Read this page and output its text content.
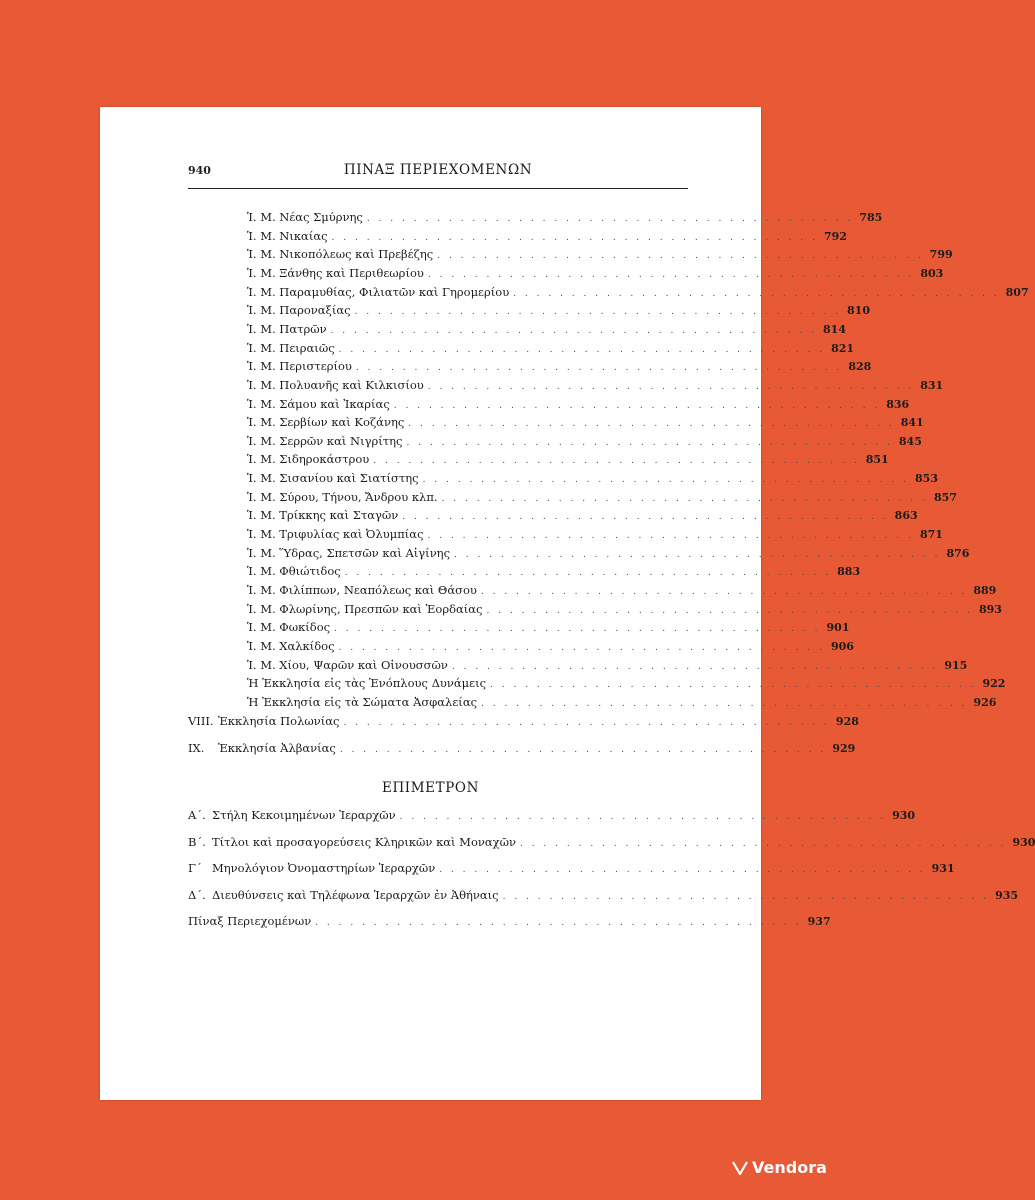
940	ΠΙΝΑΞ ΠΕΡΙΕΧΟΜΕΝΩΝ
Ἱ. Μ. Νέας Σμύρνης . . . . . . . . . . . . . . . . . . . . . . . . . . . . . . . . . . . . . . . . . . 785
Ἱ. Μ. Νικαίας . . . . . . . . . . . . . . . . . . . . . . . . . . . . . . . . . . . . . . . . . . 792
Ἱ. Μ. Νικοπόλεως καὶ Πρεβέζης . . . . . . . . . . . . . . . . . . . . . . . . . . . . . . . . . . . . . . . . . . 799
Ἱ. Μ. Ξάνθης καὶ Περιθεωρίου . . . . . . . . . . . . . . . . . . . . . . . . . . . . . . . . . . . . . . . . . . 803
Ἱ. Μ. Παραμυθίας, Φιλιατῶν καὶ Γηρομερίου . . . . . . . . . . . . . . . . . . . . . . . . . . . . . . . . . . . . . . . . . . 807
Ἱ. Μ. Παροναξίας . . . . . . . . . . . . . . . . . . . . . . . . . . . . . . . . . . . . . . . . . . 810
Ἱ. Μ. Πατρῶν . . . . . . . . . . . . . . . . . . . . . . . . . . . . . . . . . . . . . . . . . . 814
Ἱ. Μ. Πειραιῶς . . . . . . . . . . . . . . . . . . . . . . . . . . . . . . . . . . . . . . . . . . 821
Ἱ. Μ. Περιστερίου . . . . . . . . . . . . . . . . . . . . . . . . . . . . . . . . . . . . . . . . . . 828
Ἱ. Μ. Πολυανῆς καὶ Κιλκισίου . . . . . . . . . . . . . . . . . . . . . . . . . . . . . . . . . . . . . . . . . . 831
Ἱ. Μ. Σάμου καὶ Ἰκαρίας . . . . . . . . . . . . . . . . . . . . . . . . . . . . . . . . . . . . . . . . . . 836
Ἱ. Μ. Σερβίων καὶ Κοζάνης . . . . . . . . . . . . . . . . . . . . . . . . . . . . . . . . . . . . . . . . . . 841
Ἱ. Μ. Σερρῶν καὶ Νιγρίτης . . . . . . . . . . . . . . . . . . . . . . . . . . . . . . . . . . . . . . . . . . 845
Ἱ. Μ. Σιδηροκάστρου . . . . . . . . . . . . . . . . . . . . . . . . . . . . . . . . . . . . . . . . . . 851
Ἱ. Μ. Σισανίου καὶ Σιατίστης . . . . . . . . . . . . . . . . . . . . . . . . . . . . . . . . . . . . . . . . . . 853
Ἱ. Μ. Σύρου, Τήνου, Ἄνδρου κλπ. . . . . . . . . . . . . . . . . . . . . . . . . . . . . . . . . . . . . . . . . . . 857
Ἱ. Μ. Τρίκκης καὶ Σταγῶν . . . . . . . . . . . . . . . . . . . . . . . . . . . . . . . . . . . . . . . . . . 863
Ἱ. Μ. Τριφυλίας καὶ Ὀλυμπίας . . . . . . . . . . . . . . . . . . . . . . . . . . . . . . . . . . . . . . . . . . 871
Ἱ. Μ. Ὕδρας, Σπετσῶν καὶ Αἰγίνης . . . . . . . . . . . . . . . . . . . . . . . . . . . . . . . . . . . . . . . . . . 876
Ἱ. Μ. Φθιώτιδος . . . . . . . . . . . . . . . . . . . . . . . . . . . . . . . . . . . . . . . . . . 883
Ἱ. Μ. Φιλίππων, Νεαπόλεως καὶ Θάσου . . . . . . . . . . . . . . . . . . . . . . . . . . . . . . . . . . . . . . . . . . 889
Ἱ. Μ. Φλωρίνης, Πρεσπῶν καὶ Ἐορδαίας . . . . . . . . . . . . . . . . . . . . . . . . . . . . . . . . . . . . . . . . . . 893
Ἱ. Μ. Φωκίδος . . . . . . . . . . . . . . . . . . . . . . . . . . . . . . . . . . . . . . . . . . 901
Ἱ. Μ. Χαλκίδος . . . . . . . . . . . . . . . . . . . . . . . . . . . . . . . . . . . . . . . . . . 906
Ἱ. Μ. Χίου, Ψαρῶν καὶ Οἰνουσσῶν . . . . . . . . . . . . . . . . . . . . . . . . . . . . . . . . . . . . . . . . . . 915
Ἡ Ἐκκλησία εἰς τὰς Ἐνόπλους Δυνάμεις . . . . . . . . . . . . . . . . . . . . . . . . . . . . . . . . . . . . . . . . . . 922
Ἡ Ἐκκλησία εἰς τὰ Σώματα Ἀσφαλείας . . . . . . . . . . . . . . . . . . . . . . . . . . . . . . . . . . . . . . . . . . 926
VIII. Ἐκκλησία Πολωνίας . . . . . . . . . . . . . . . . . . . . . . . . . . . . . . . . . . . . . . . . . . 928
IX.	Ἐκκλησία Ἀλβανίας . . . . . . . . . . . . . . . . . . . . . . . . . . . . . . . . . . . . . . . . . . 929
ΕΠΙΜΕΤΡΟΝ
Α΄. Στήλη Κεκοιμημένων Ἱεραρχῶν . . . . . . . . . . . . . . . . . . . . . . . . . . . . . . . . . . . . . . . . . . 930
Β΄. Τίτλοι καὶ προσαγορεύσεις Κληρικῶν καὶ Μοναχῶν . . . . . . . . . . . . . . . . . . . . . . . . . . . . . . . . . . . . . . . . . . 930
Γ΄ Μηνολόγιον Ὀνομαστηρίων Ἱεραρχῶν . . . . . . . . . . . . . . . . . . . . . . . . . . . . . . . . . . . . . . . . . . 931
Δ΄. Διευθύνσεις καὶ Τηλέφωνα Ἱεραρχῶν ἐν Ἀθήναις . . . . . . . . . . . . . . . . . . . . . . . . . . . . . . . . . . . . . . . . . . 935
Πίναξ Περιεχομένων . . . . . . . . . . . . . . . . . . . . . . . . . . . . . . . . . . . . . . . . . . 937
Vendora
